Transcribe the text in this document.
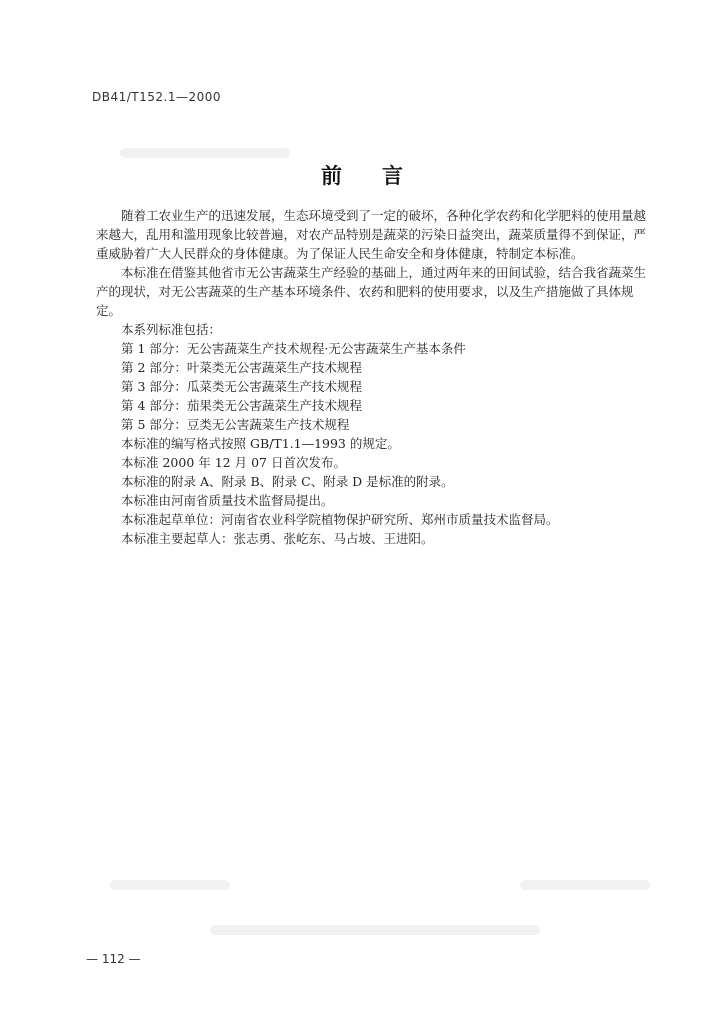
DB41/T152.1—2000
前 言

随着工农业生产的迅速发展，生态环境受到了一定的破坏，各种化学农药和化学肥料的使用量越来越大，乱用和滥用现象比较普遍，对农产品特别是蔬菜的污染日益突出，蔬菜质量得不到保证，严重威胁着广大人民群众的身体健康。为了保证人民生命安全和身体健康，特制定本标准。

本标准在借鉴其他省市无公害蔬菜生产经验的基础上，通过两年来的田间试验，结合我省蔬菜生产的现状，对无公害蔬菜的生产基本环境条件、农药和肥料的使用要求，以及生产措施做了具体规定。

本系列标准包括：

第 1 部分：无公害蔬菜生产技术规程·无公害蔬菜生产基本条件

第 2 部分：叶菜类无公害蔬菜生产技术规程

第 3 部分：瓜菜类无公害蔬菜生产技术规程

第 4 部分：茄果类无公害蔬菜生产技术规程

第 5 部分：豆类无公害蔬菜生产技术规程

本标准的编写格式按照 GB/T1.1—1993 的规定。

本标准 2000 年 12 月 07 日首次发布。

本标准的附录 A、附录 B、附录 C、附录 D 是标准的附录。

本标准由河南省质量技术监督局提出。

本标准起草单位：河南省农业科学院植物保护研究所、郑州市质量技术监督局。

本标准主要起草人：张志勇、张屹东、马占坡、王进阳。

— 112 —
